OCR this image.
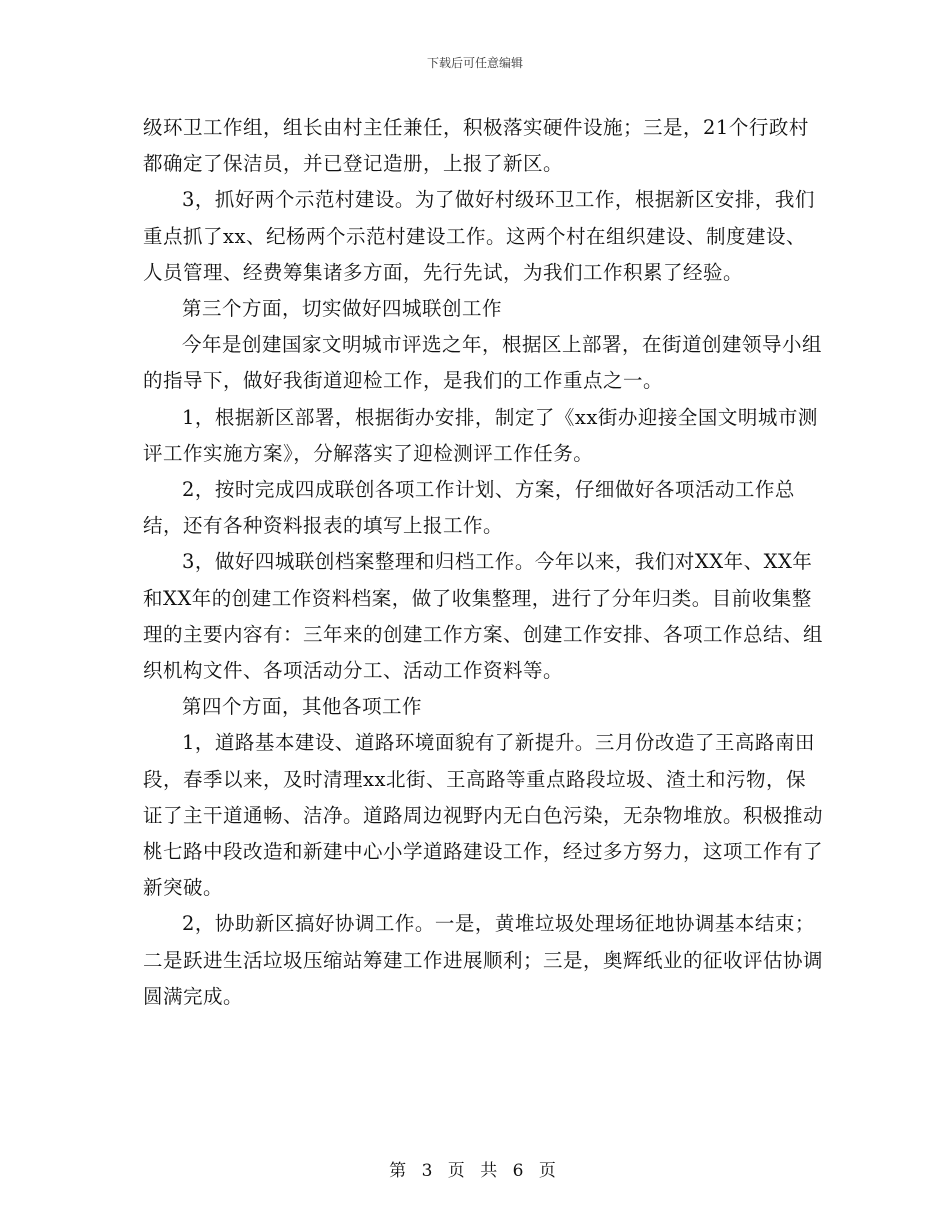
下载后可任意编辑

级环卫工作组，组长由村主任兼任，积极落实硬件设施；三是，21个行政村都确定了保洁员，并已登记造册，上报了新区。

3，抓好两个示范村建设。为了做好村级环卫工作，根据新区安排，我们重点抓了xx、纪杨两个示范村建设工作。这两个村在组织建设、制度建设、人员管理、经费筹集诸多方面，先行先试，为我们工作积累了经验。

第三个方面，切实做好四城联创工作

今年是创建国家文明城市评选之年，根据区上部署，在街道创建领导小组的指导下，做好我街道迎检工作，是我们的工作重点之一。

1，根据新区部署，根据街办安排，制定了《xx街办迎接全国文明城市测评工作实施方案》，分解落实了迎检测评工作任务。

2，按时完成四成联创各项工作计划、方案，仔细做好各项活动工作总结，还有各种资料报表的填写上报工作。

3，做好四城联创档案整理和归档工作。今年以来，我们对XX年、XX年和XX年的创建工作资料档案，做了收集整理，进行了分年归类。目前收集整理的主要内容有：三年来的创建工作方案、创建工作安排、各项工作总结、组织机构文件、各项活动分工、活动工作资料等。

第四个方面，其他各项工作

1，道路基本建设、道路环境面貌有了新提升。三月份改造了王高路南田段，春季以来，及时清理xx北街、王高路等重点路段垃圾、渣土和污物，保证了主干道通畅、洁净。道路周边视野内无白色污染，无杂物堆放。积极推动桃七路中段改造和新建中心小学道路建设工作，经过多方努力，这项工作有了新突破。

2，协助新区搞好协调工作。一是，黄堆垃圾处理场征地协调基本结束；二是跃进生活垃圾压缩站筹建工作进展顺利；三是，奥辉纸业的征收评估协调圆满完成。

第 3 页 共 6 页
